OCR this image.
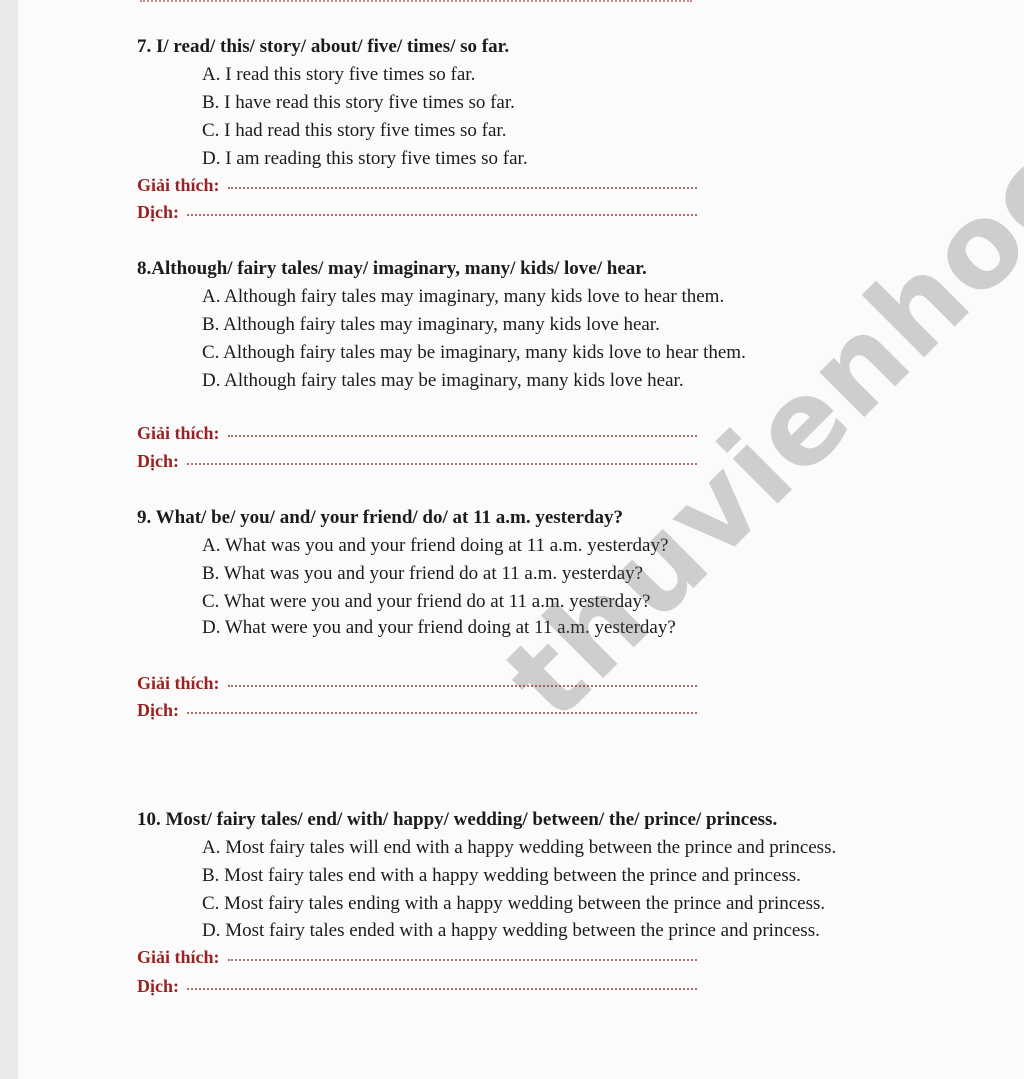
7. I/ read/ this/ story/ about/ five/ times/ so far.
A. I read this story five times so far.
B. I have read this story five times so far.
C. I had read this story five times so far.
D. I am reading this story five times so far.
Giải thích:
Dịch:
8.Although/ fairy tales/ may/ imaginary, many/ kids/ love/ hear.
A. Although fairy tales may imaginary, many kids love to hear them.
B. Although fairy tales may imaginary, many kids love hear.
C. Although fairy tales may be imaginary, many kids love to hear them.
D. Although fairy tales may be imaginary, many kids love hear.
Giải thích:
Dịch:
9. What/ be/ you/ and/ your friend/ do/ at 11 a.m. yesterday?
A. What was you and your friend doing at 11 a.m. yesterday?
B. What was you and your friend do at 11 a.m. yesterday?
C. What were you and your friend do at 11 a.m. yesterday?
D. What were you and your friend doing at 11 a.m. yesterday?
Giải thích:
Dịch:
10. Most/ fairy tales/ end/ with/ happy/ wedding/ between/ the/ prince/ princess.
A. Most fairy tales will end with a happy wedding between the prince and princess.
B. Most fairy tales end with a happy wedding between the prince and princess.
C. Most fairy tales ending with a happy wedding between the prince and princess.
D. Most fairy tales ended with a happy wedding between the prince and princess.
Giải thích:
Dịch:
